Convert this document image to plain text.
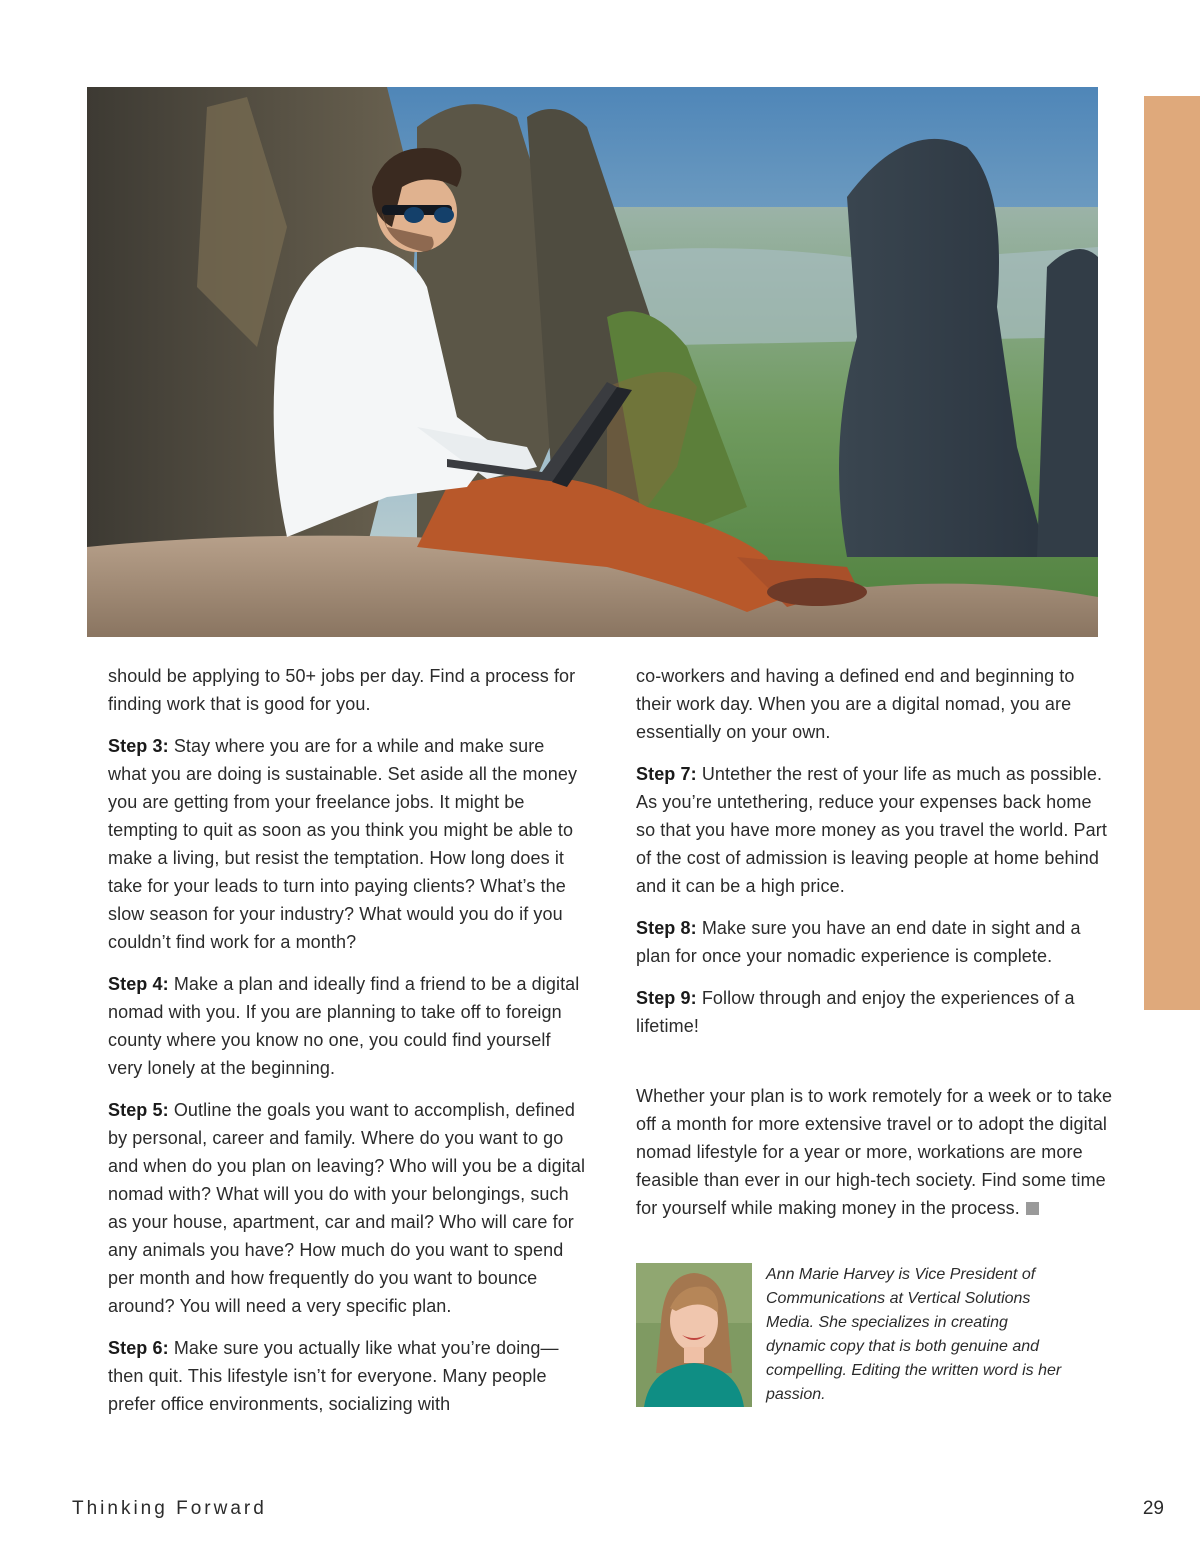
should be applying to 50+ jobs per day. Find a process for finding work that is good for you.

Step 3: Stay where you are for a while and make sure what you are doing is sustainable. Set aside all the money you are getting from your freelance jobs. It might be tempting to quit as soon as you think you might be able to make a living, but resist the temptation. How long does it take for your leads to turn into paying clients? What’s the slow season for your industry? What would you do if you couldn’t find work for a month?

Step 4: Make a plan and ideally find a friend to be a digital nomad with you. If you are planning to take off to foreign county where you know no one, you could find yourself very lonely at the beginning.

Step 5: Outline the goals you want to accomplish, defined by personal, career and family. Where do you want to go and when do you plan on leaving? Who will you be a digital nomad with? What will you do with your belongings, such as your house, apartment, car and mail? Who will care for any animals you have? How much do you want to spend per month and how frequently do you want to bounce around? You will need a very specific plan.

Step 6: Make sure you actually like what you’re doing—then quit. This lifestyle isn’t for everyone. Many people prefer office environments, socializing with

co-workers and having a defined end and beginning to their work day. When you are a digital nomad, you are essentially on your own.

Step 7: Untether the rest of your life as much as possible. As you’re untethering, reduce your expenses back home so that you have more money as you travel the world. Part of the cost of admission is leaving people at home behind and it can be a high price.

Step 8: Make sure you have an end date in sight and a plan for once your nomadic experience is complete.

Step 9: Follow through and enjoy the experiences of a lifetime!

Whether your plan is to work remotely for a week or to take off a month for more extensive travel or to adopt the digital nomad lifestyle for a year or more, workations are more feasible than ever in our high-tech society. Find some time for yourself while making money in the process.

Ann Marie Harvey is Vice President of Communications at Vertical Solutions Media. She specializes in creating dynamic copy that is both genuine and compelling. Editing the written word is her passion.

Thinking Forward	29
